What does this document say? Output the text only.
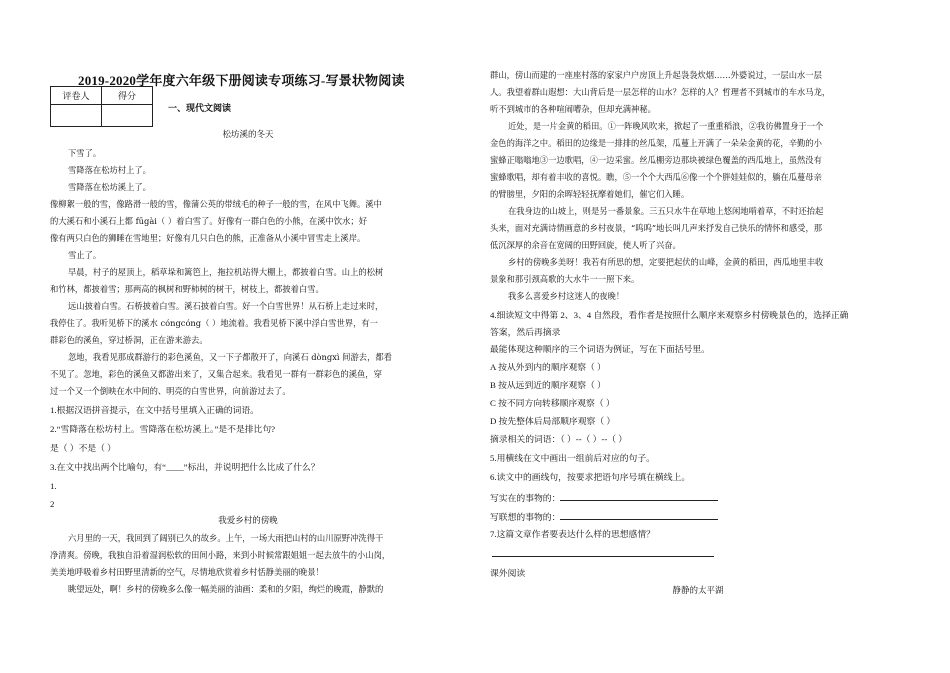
2019-2020学年度六年级下册阅读专项练习-写景状物阅读
评卷人	得分

一、现代文阅读
松坊溪的冬天
下雪了。
雪降落在松坊村上了。
雪降落在松坊溪上了。
像柳絮一般的雪，像路滑一般的雪，像蒲公英的带绒毛的种子一般的雪，在风中飞舞。溪中
的大溪石和小溪石上都 fūgài（ ）着白雪了。好像有一群白色的小熊，在溪中饮水；好
像有两只白色的狮睡在雪地里；好像有几只白色的熊，正准备从小溪中冒雪走上溪岸。
雪止了。
早晨，村子的屋顶上，稻草垛和篱笆上，拖拉机站得大棚上，都披着白雪。山上的松树
和竹林，都披着雪；那两高的枫树和野柿树的树干，树枝上，都披着白雪。
远山披着白雪。石桥披着白雪。溪石披着白雪。好一个白雪世界！从石桥上走过来时，
我停住了。我听见桥下的溪水 cóngcóng（ ）地流着。我看见桥下溪中浮白雪世界，有一
群彩色的溪鱼，穿过桥洞，正在游来游去。
忽地，我看见那成群游行的彩色溪鱼，又一下子都散开了，向溪石 dòngxì 间游去，都看
不见了。忽地，彩色的溪鱼又都游出来了，又集合起来。我看见一群有一群彩色的溪鱼，穿
过一个又一个倒映在水中间的、明亮的白雪世界，向前游过去了。
1.根据汉语拼音提示，在文中括号里填入正确的词语。
2.“雪降落在松坊村上。雪降落在松坊溪上。”是不是排比句?
是（ ）不是（ ）
3.在文中找出两个比喻句，有“____”标出，并说明把什么比成了什么？
1.
2
我爱乡村的傍晚
六月里的一天，我回到了阔别已久的故乡。上午，一场大雨把山村的山川原野冲洗得干
净清爽。傍晚，我独自沿着湿润松软的田间小路，来到小时候常跟姐姐一起去放牛的小山岗，
美美地呼吸着乡村田野里清新的空气，尽情地欣赏着乡村恬静美丽的晚景！
眺望远处，啊！乡村的傍晚多么像一幅美丽的油画：柔和的夕阳，绚烂的晚霞，静默的
群山，傍山而建的一座座村落的家家户户房顶上升起袅袅炊烟……外婆说过，一层山水一层
人。我望着群山遐想：大山背后是一层怎样的山水？怎样的人？哲理者不到城市的车水马龙，
听不到城市的各种喧闹嘈杂，但却充满神秘。
近处，是一片金黄的稻田。①一阵晚风吹来，掀起了一重重稻浪，②我彷佛置身于一个
金色的海洋之中。稻田的边缘是一排排的丝瓜架，瓜蔓上开满了一朵朵金黄的花，辛勤的小
蜜蜂正嗡嗡地③一边歌唱，④一边采蜜。丝瓜棚旁边那块被绿色覆盖的西瓜地上，虽然没有
蜜蜂歌唱，却有着丰收的喜悦。瞧，⑤一个个大西瓜⑥像一个个胖娃娃似的，躺在瓜蔓母亲
的臂膀里，夕阳的余晖轻轻抚摩着她们，催它们入睡。
在我身边的山坡上，则是另一番景象。三五只水牛在草地上悠闲地啃着草，不时还抬起
头来，面对充满诗情画意的乡村夜景，“呜呜”地长叫几声来抒发自己快乐的情怀和感受，那
低沉深厚的余音在宽阔的田野回旋，使人听了兴奋。
乡村的傍晚多美呀！我若有所思的想，定要把起伏的山峰，金黄的稻田，西瓜地里丰收
景象和那引颈高歌的大水牛一一照下来。
我多么喜爱乡村这迷人的夜晚！
4.细读短文中得第 2、3、4 自然段，看作者是按照什么顺序来观察乡村傍晚景色的，选择正确
答案，然后再摘录
最能体现这种顺序的三个词语为例证，写在下面括号里。
A 按从外到内的顺序观察（ ）
B 按从远到近的顺序观察（ ）
C 按不同方向转移顺序观察（ ）
D 按先整体后局部顺序观察（ ）
摘录相关的词语：（ ）--（ ）--（ ）
5.用横线在文中画出一组前后对应的句子。
6.读文中的画线句，按要求把语句序号填在横线上。
写实在的事物的：
写联想的事物的：
7.这篇文章作者要表达什么样的思想感情？
课外阅读
静静的太平湖
